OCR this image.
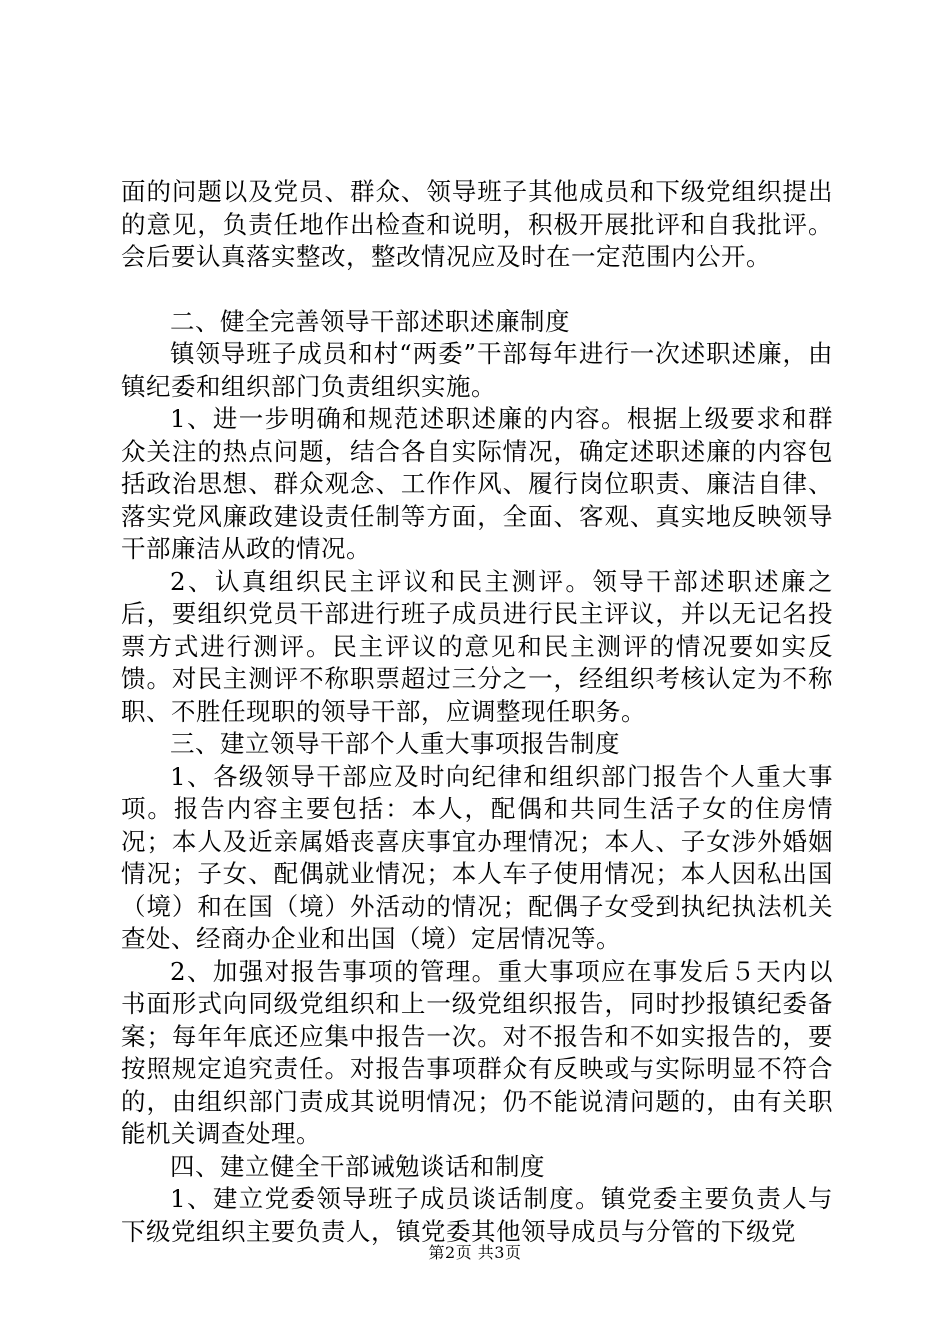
面的问题以及党员、群众、领导班子其他成员和下级党组织提出的意见，负责任地作出检查和说明，积极开展批评和自我批评。会后要认真落实整改，整改情况应及时在一定范围内公开。

二、健全完善领导干部述职述廉制度

镇领导班子成员和村“两委”干部每年进行一次述职述廉，由镇纪委和组织部门负责组织实施。

1、进一步明确和规范述职述廉的内容。根据上级要求和群众关注的热点问题，结合各自实际情况，确定述职述廉的内容包括政治思想、群众观念、工作作风、履行岗位职责、廉洁自律、落实党风廉政建设责任制等方面，全面、客观、真实地反映领导干部廉洁从政的情况。

2、认真组织民主评议和民主测评。领导干部述职述廉之后，要组织党员干部进行班子成员进行民主评议，并以无记名投票方式进行测评。民主评议的意见和民主测评的情况要如实反馈。对民主测评不称职票超过三分之一，经组织考核认定为不称职、不胜任现职的领导干部，应调整现任职务。

三、建立领导干部个人重大事项报告制度

1、各级领导干部应及时向纪律和组织部门报告个人重大事项。报告内容主要包括：本人，配偶和共同生活子女的住房情况；本人及近亲属婚丧喜庆事宜办理情况；本人、子女涉外婚姻情况；子女、配偶就业情况；本人车子使用情况；本人因私出国（境）和在国（境）外活动的情况；配偶子女受到执纪执法机关查处、经商办企业和出国（境）定居情况等。

2、加强对报告事项的管理。重大事项应在事发后５天内以书面形式向同级党组织和上一级党组织报告，同时抄报镇纪委备案；每年年底还应集中报告一次。对不报告和不如实报告的，要按照规定追究责任。对报告事项群众有反映或与实际明显不符合的，由组织部门责成其说明情况；仍不能说清问题的，由有关职能机关调查处理。

四、建立健全干部诫勉谈话和制度

1、建立党委领导班子成员谈话制度。镇党委主要负责人与下级党组织主要负责人，镇党委其他领导成员与分管的下级党

第2页 共3页
